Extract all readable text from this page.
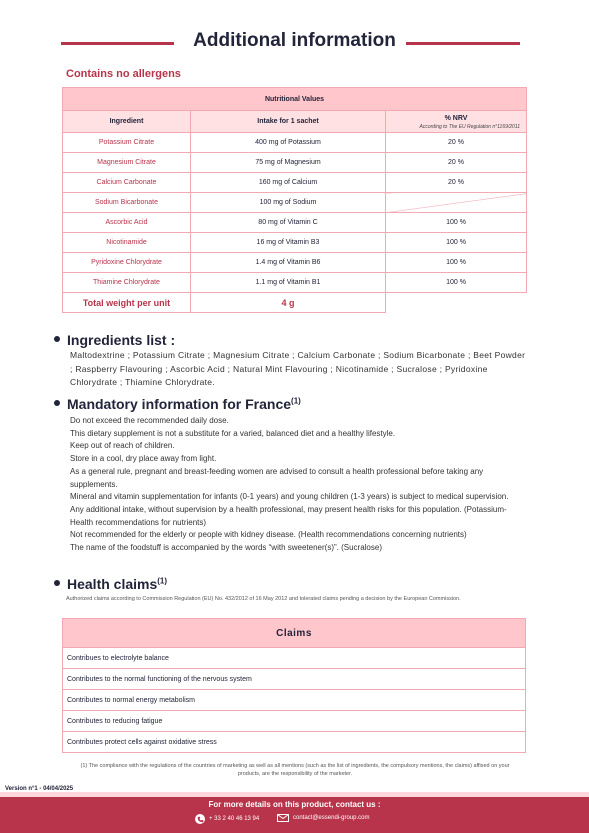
Additional information
Contains no allergens
Nutritional Values		
Ingredient	Intake for 1 sachet	% NRV
According to The EU Regulation n°1169/2011

Potassium Citrate	400 mg of Potassium	20 %
Magnesium Citrate	75 mg of Magnesium	20 %
Calcium Carbonate	160 mg of Calcium	20 %
Sodium Bicarbonate	100 mg of Sodium	
Ascorbic Acid	80 mg of Vitamin C	100 %
Nicotinamide	16 mg of Vitamin B3	100 %
Pyridoxine Chlorydrate	1.4 mg of Vitamin B6	100 %
Thiamine Chlorydrate	1.1 mg of Vitamin B1	100 %
Total weight per unit	4 g	
Ingredients list :
Maltodextrine ; Potassium Citrate ; Magnesium Citrate ; Calcium Carbonate ; Sodium Bicarbonate ; Beet Powder ; Raspberry Flavouring ; Ascorbic Acid ; Natural Mint Flavouring ; Nicotinamide ; Sucralose ; Pyridoxine Chlorydrate ; Thiamine Chlorydrate.
Mandatory information for France$^{(1)}$
Do not exceed the recommended daily dose.
This dietary supplement is not a substitute for a varied, balanced diet and a healthy lifestyle.
Keep out of reach of children.
Store in a cool, dry place away from light.
As a general rule, pregnant and breast-feeding women are advised to consult a health professional before taking any supplements.
Mineral and vitamin supplementation for infants (0-1 years) and young children (1-3 years) is subject to medical supervision.
Any additional intake, without supervision by a health professional, may present health risks for this population. (Potassium- Health recommendations for nutrients)
Not recommended for the elderly or people with kidney disease. (Health recommendations concerning nutrients)
The name of the foodstuff is accompanied by the words “with sweetener(s)”. (Sucralose)
Health claims$^{(1)}$
Authorized claims according to Commission Regulation (EU) No. 432/2012 of 16 May 2012 and tolerated claims pending a decision by the European Commission.
Claims
Contribues to electrolyte balance
Contributes to the normal functioning of the nervous system
Contributes to normal energy metabolism
Contributes to reducing fatigue
Contributes protect cells against oxidative stress
(1) The compliance with the regulations of the countries of marketing as well as all mentions (such as the list of ingredients, the compulsory mentions, the claims) affixed on your products, are the responsibility of the marketer.
Version n°1 - 04/04/2025
For more details on this product, contact us :
+ 33 2 40 46 13 94	contact@essendi-group.com
